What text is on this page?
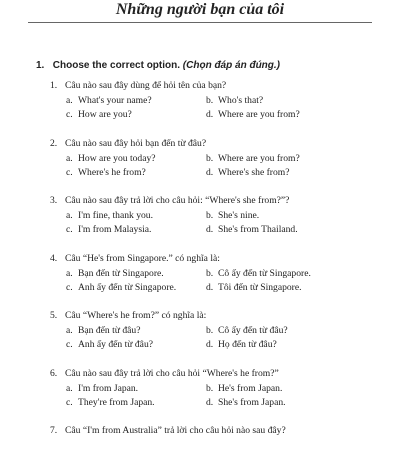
Những người bạn của tôi
1. Choose the correct option. (Chọn đáp án đúng.)
1. Câu nào sau đây dùng để hỏi tên của bạn?
a. What's your name?	b. Who's that?
c. How are you?	d. Where are you from?
2. Câu nào sau đây hỏi bạn đến từ đâu?
a. How are you today?	b. Where are you from?
c. Where's he from?	d. Where's she from?
3. Câu nào sau đây trả lời cho câu hỏi: “Where's she from?”?
a. I'm fine, thank you.	b. She's nine.
c. I'm from Malaysia.	d. She's from Thailand.
4. Câu “He's from Singapore.” có nghĩa là:
a. Bạn đến từ Singapore.	b. Cô ấy đến từ Singapore.
c. Anh ấy đến từ Singapore.	d. Tôi đến từ Singapore.
5. Câu “Where's he from?” có nghĩa là:
a. Bạn đến từ đâu?	b. Cô ấy đến từ đâu?
c. Anh ấy đến từ đâu?	d. Họ đến từ đâu?
6. Câu nào sau đây trả lời cho câu hỏi “Where's he from?”
a. I'm from Japan.	b. He's from Japan.
c. They're from Japan.	d. She's from Japan.
7. Câu “I'm from Australia” trả lời cho câu hỏi nào sau đây?
